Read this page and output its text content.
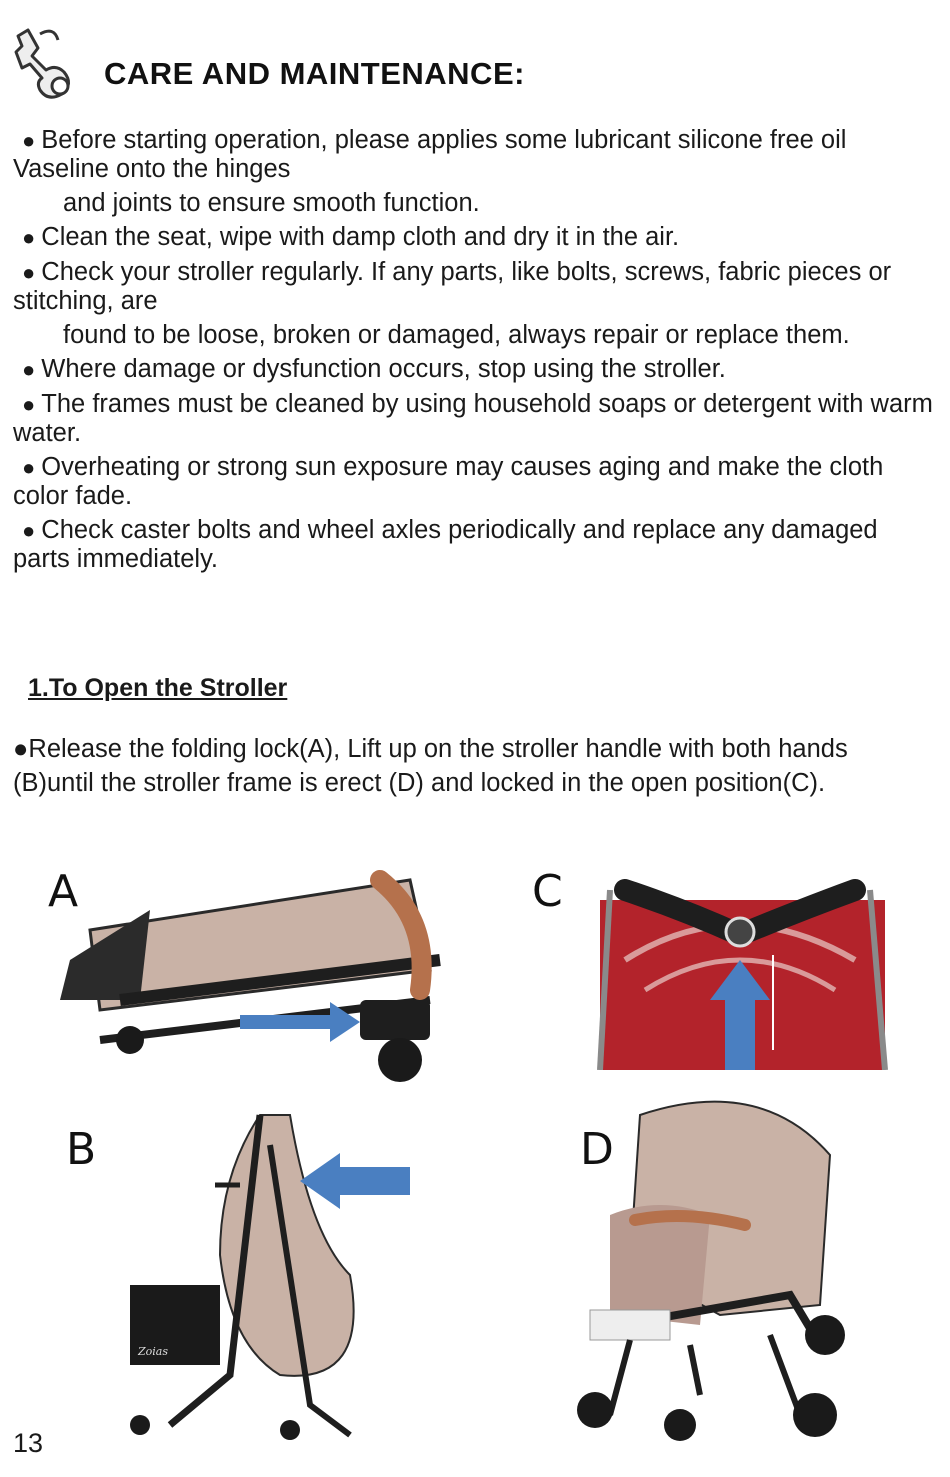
CARE AND MAINTENANCE:
● Before starting operation, please applies some lubricant silicone free oil Vaseline onto the hinges
and joints to ensure smooth function.
● Clean the seat, wipe with damp cloth and dry it in the air.
● Check your stroller regularly. If any parts, like bolts, screws, fabric pieces or stitching, are
found to be loose, broken or damaged, always repair or replace them.
● Where damage or dysfunction occurs, stop using the stroller.
● The frames must be cleaned by using household soaps or detergent with warm water.
● Overheating or strong sun exposure may causes aging and make the cloth color fade.
● Check caster bolts and wheel axles periodically and replace any damaged parts immediately.
1.To Open the Stroller
●Release the folding lock(A), Lift up on the stroller handle with both hands (B)until the stroller frame is erect (D) and locked in the open position(C).
A	C
B
Zoias
D
13
